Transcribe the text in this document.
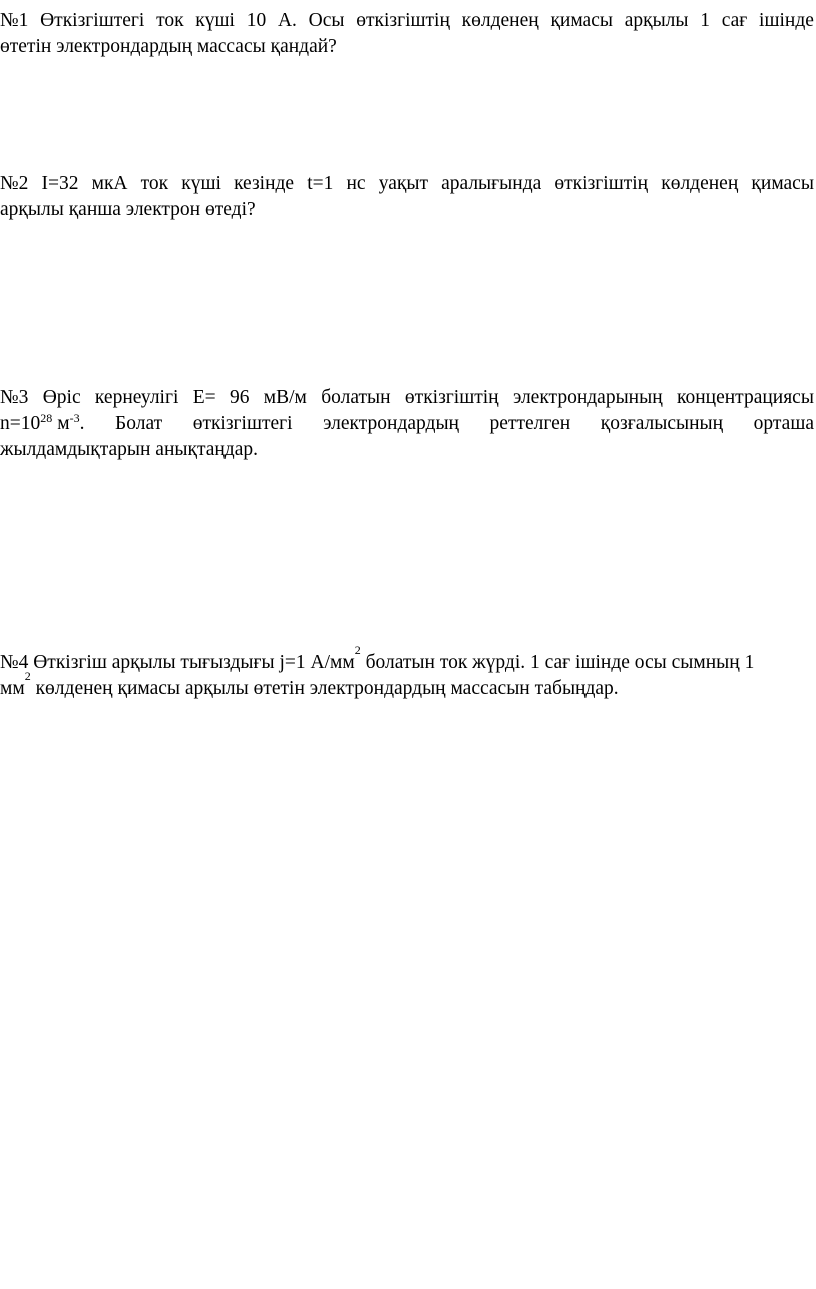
№1 Өткізгіштегі ток күші 10 А. Осы өткізгіштің көлденең қимасы арқылы 1 сағ ішінде
өтетін электрондардың массасы қандай?
№2 I=32 мкА ток күші кезінде t=1 нс уақыт аралығында өткізгіштің көлденең қимасы
арқылы қанша электрон өтеді?
№3 Өріс кернеулігі E= 96 мВ/м болатын өткізгіштің электрондарының концентрациясы
$n=10^{28}$ $м^{-3}$. Болат өткізгіштегі электрондардың реттелген қозғалысының орташа
жылдамдықтарын анықтаңдар.
№4 Өткізгіш арқылы тығыздығы j=1 А/мм
2
болатын ток жүрді. 1 сағ ішінде осы сымның 1
мм
2
көлденең қимасы арқылы өтетін электрондардың массасын табыңдар.
